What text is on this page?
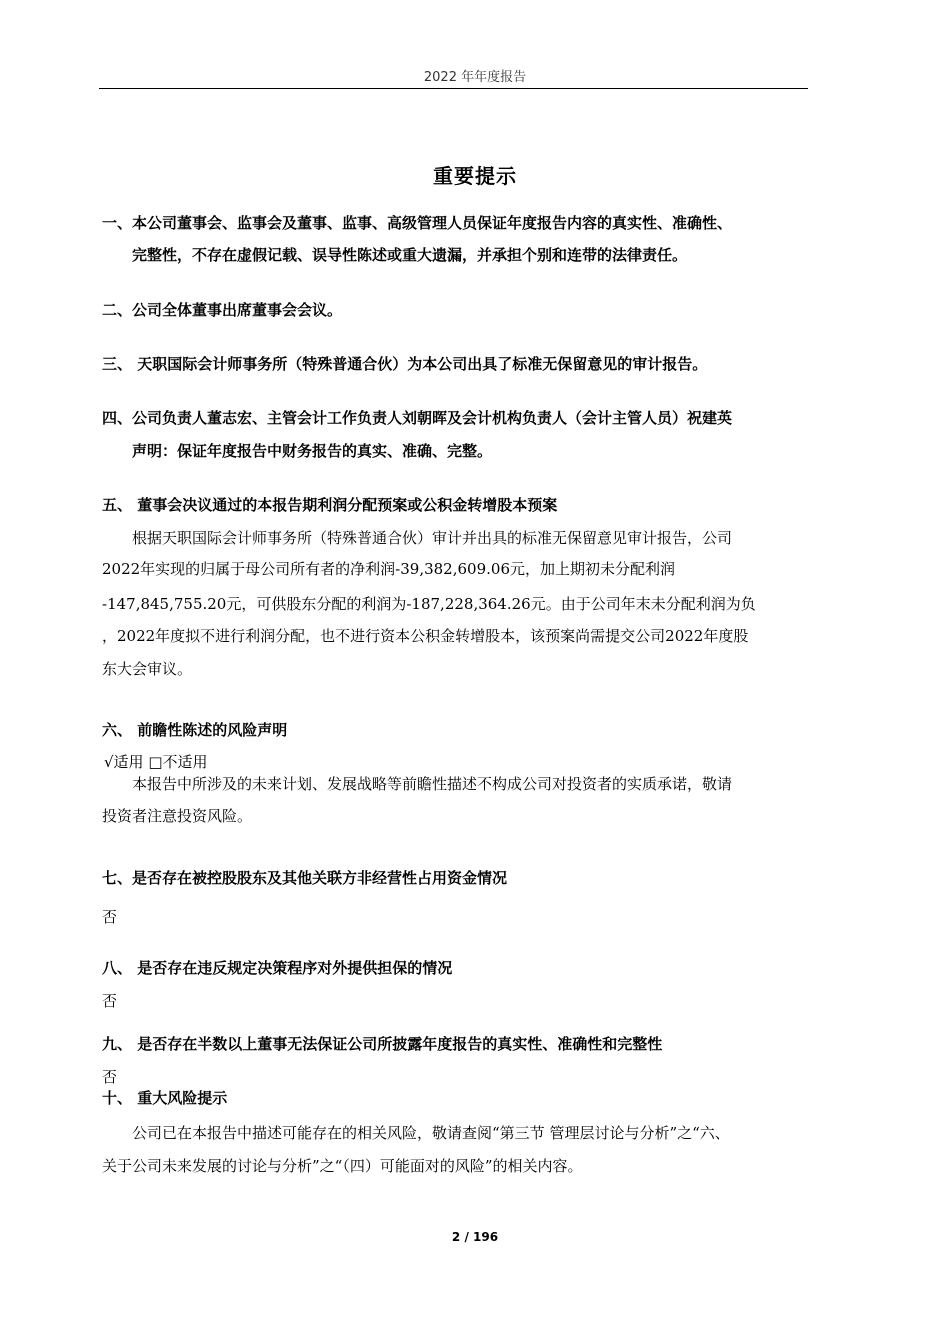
2022 年年度报告
重要提示
一、本公司董事会、监事会及董事、监事、高级管理人员保证年度报告内容的真实性、准确性、
完整性，不存在虚假记载、误导性陈述或重大遗漏，并承担个别和连带的法律责任。
二、公司全体董事出席董事会会议。
三、 天职国际会计师事务所（特殊普通合伙）为本公司出具了标准无保留意见的审计报告。
四、公司负责人董志宏、主管会计工作负责人刘朝晖及会计机构负责人（会计主管人员）祝建英
声明：保证年度报告中财务报告的真实、准确、完整。
五、 董事会决议通过的本报告期利润分配预案或公积金转增股本预案
根据天职国际会计师事务所（特殊普通合伙）审计并出具的标准无保留意见审计报告，公司
2022年实现的归属于母公司所有者的净利润-39,382,609.06元，加上期初未分配利润
-147,845,755.20元，可供股东分配的利润为-187,228,364.26元。由于公司年末未分配利润为负
，2022年度拟不进行利润分配，也不进行资本公积金转增股本，该预案尚需提交公司2022年度股
东大会审议。
六、 前瞻性陈述的风险声明
√适用 □不适用
本报告中所涉及的未来计划、发展战略等前瞻性描述不构成公司对投资者的实质承诺，敬请
投资者注意投资风险。
七、是否存在被控股股东及其他关联方非经营性占用资金情况
否
八、 是否存在违反规定决策程序对外提供担保的情况
否
九、 是否存在半数以上董事无法保证公司所披露年度报告的真实性、准确性和完整性
否
十、 重大风险提示
公司已在本报告中描述可能存在的相关风险，敬请查阅“第三节 管理层讨论与分析”之“六、
关于公司未来发展的讨论与分析”之“（四）可能面对的风险”的相关内容。
2 / 196
